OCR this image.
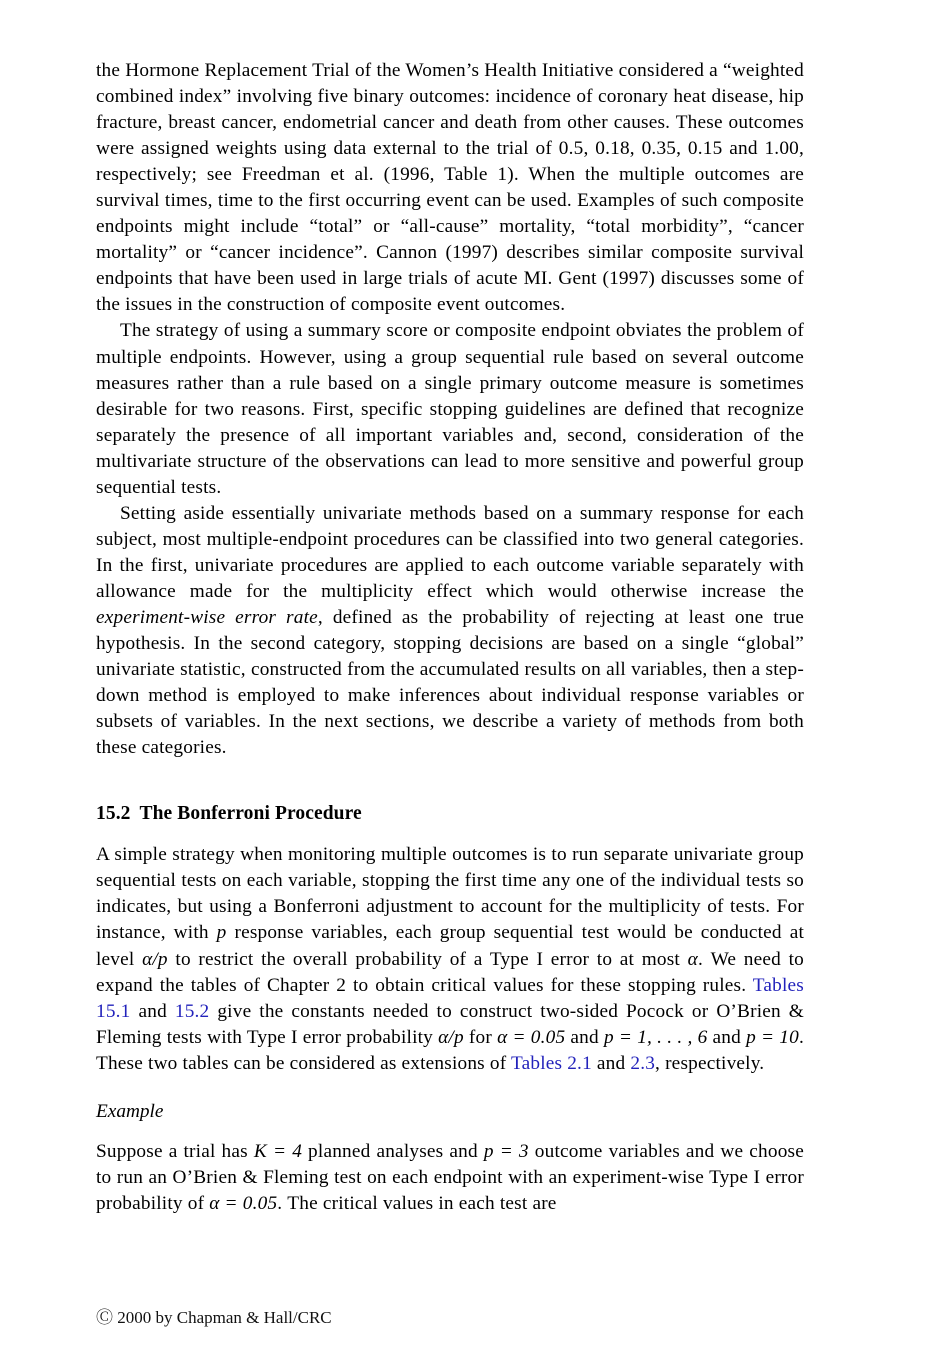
the Hormone Replacement Trial of the Women’s Health Initiative considered a “weighted combined index” involving five binary outcomes: incidence of coronary heat disease, hip fracture, breast cancer, endometrial cancer and death from other causes. These outcomes were assigned weights using data external to the trial of 0.5, 0.18, 0.35, 0.15 and 1.00, respectively; see Freedman et al. (1996, Table 1). When the multiple outcomes are survival times, time to the first occurring event can be used. Examples of such composite endpoints might include “total” or “all-cause” mortality, “total morbidity”, “cancer mortality” or “cancer incidence”. Cannon (1997) describes similar composite survival endpoints that have been used in large trials of acute MI. Gent (1997) discusses some of the issues in the construction of composite event outcomes.

The strategy of using a summary score or composite endpoint obviates the problem of multiple endpoints. However, using a group sequential rule based on several outcome measures rather than a rule based on a single primary outcome measure is sometimes desirable for two reasons. First, specific stopping guidelines are defined that recognize separately the presence of all important variables and, second, consideration of the multivariate structure of the observations can lead to more sensitive and powerful group sequential tests.

Setting aside essentially univariate methods based on a summary response for each subject, most multiple-endpoint procedures can be classified into two general categories. In the first, univariate procedures are applied to each outcome variable separately with allowance made for the multiplicity effect which would otherwise increase the experiment-wise error rate, defined as the probability of rejecting at least one true hypothesis. In the second category, stopping decisions are based on a single “global” univariate statistic, constructed from the accumulated results on all variables, then a step-down method is employed to make inferences about individual response variables or subsets of variables. In the next sections, we describe a variety of methods from both these categories.

15.2 The Bonferroni Procedure

A simple strategy when monitoring multiple outcomes is to run separate univariate group sequential tests on each variable, stopping the first time any one of the individual tests so indicates, but using a Bonferroni adjustment to account for the multiplicity of tests. For instance, with p response variables, each group sequential test would be conducted at level α/p to restrict the overall probability of a Type I error to at most α. We need to expand the tables of Chapter 2 to obtain critical values for these stopping rules. Tables 15.1 and 15.2 give the constants needed to construct two-sided Pocock or O’Brien & Fleming tests with Type I error probability α/p for α = 0.05 and p = 1, . . . , 6 and p = 10. These two tables can be considered as extensions of Tables 2.1 and 2.3, respectively.

Example

Suppose a trial has K = 4 planned analyses and p = 3 outcome variables and we choose to run an O’Brien & Fleming test on each endpoint with an experiment-wise Type I error probability of α = 0.05. The critical values in each test are

Ⓒ 2000 by Chapman & Hall/CRC
